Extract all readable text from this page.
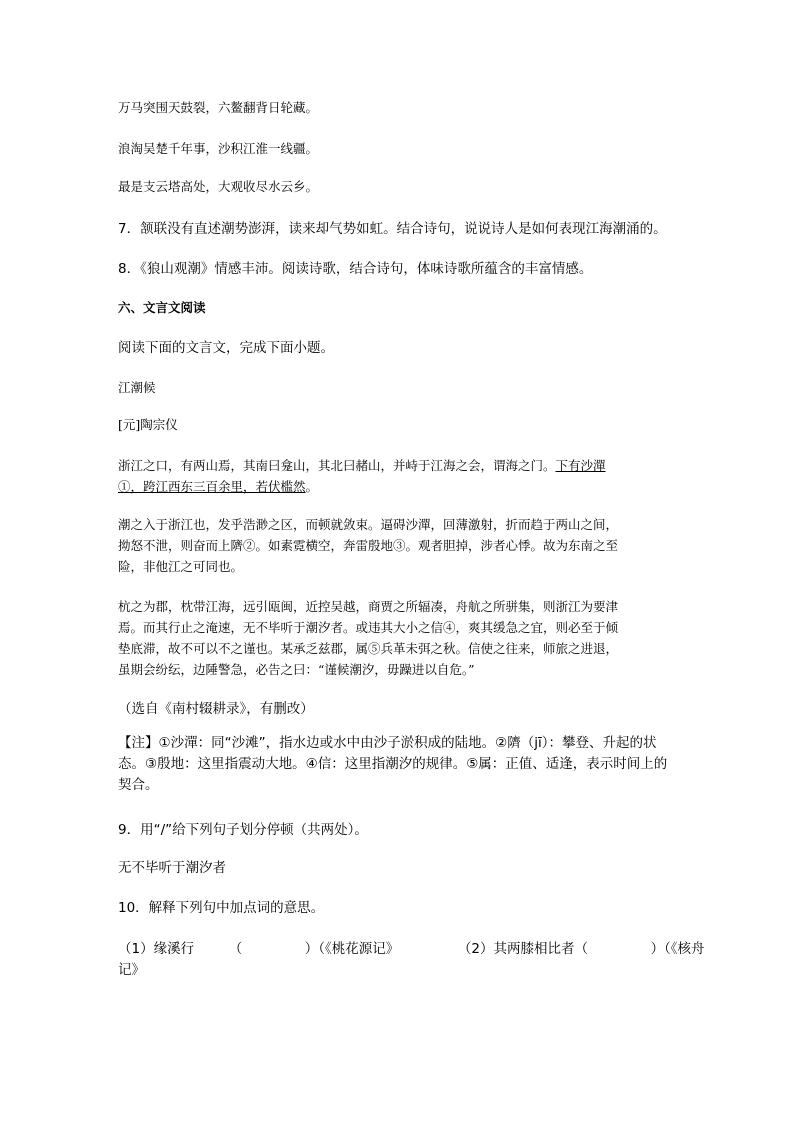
万马突围天鼓裂，六鳌翻背日轮藏。
浪淘吴楚千年事，沙积江淮一线疆。
最是支云塔高处，大观收尽水云乡。
7．颔联没有直述潮势澎湃，读来却气势如虹。结合诗句，说说诗人是如何表现江海潮涌的。
8．《狼山观潮》情感丰沛。阅读诗歌，结合诗句，体味诗歌所蕴含的丰富情感。
六、文言文阅读
阅读下面的文言文，完成下面小题。
江潮候
[元]陶宗仪
浙江之口，有两山焉，其南曰龛山，其北曰赭山，并峙于江海之会，谓海之门。下有沙潬
①，跨江西东三百余里，若伏槛然。
潮之入于浙江也，发乎浩渺之区，而顿就敛束。逼碍沙潬，回薄激射，折而趋于两山之间，
拗怒不泄，则奋而上隮②。如素霓横空，奔雷殷地③。观者胆掉，涉者心悸。故为东南之至
险，非他江之可同也。
杭之为郡，枕带江海，远引瓯闽，近控吴越，商贾之所辐凑，舟航之所骈集，则浙江为要津
焉。而其行止之淹速，无不毕听于潮汐者。或违其大小之信④，爽其缓急之宜，则必至于倾
垫底滞，故不可以不之谨也。某承乏兹郡，属⑤兵革未弭之秋。信使之往来，师旅之进退，
虽期会纷纭，边陲警急，必告之曰：“谨候潮汐，毋躁进以自危。”
（选自《南村辍耕录》，有删改）
【注】①沙潬：同“沙滩”，指水边或水中由沙子淤积成的陆地。②隮（jī）：攀登、升起的状态。③殷地：这里指震动大地。④信：这里指潮汐的规律。⑤属：正值、适逢，表示时间上的契合。
9．用“/”给下列句子划分停顿（共两处）。
无不毕听于潮汐者
10．解释下列句中加点词的意思。
（1）缘溪行	（	）（《桃花源记》	（2）其两膝相比者（	）（《核舟
记》
